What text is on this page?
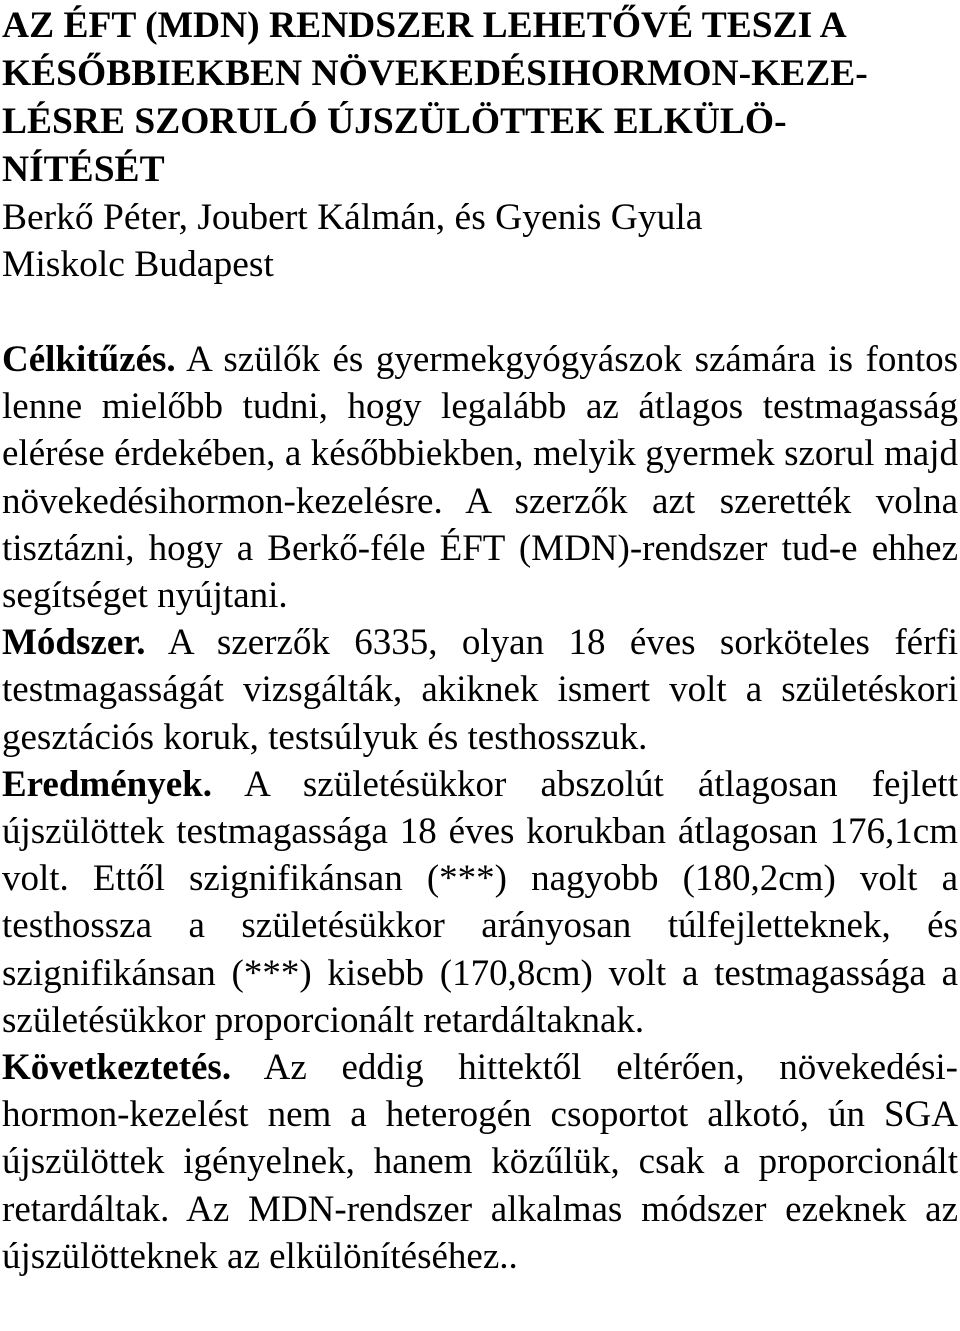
AZ ÉFT (MDN) RENDSZER LEHETŐVÉ TESZI A
KÉSŐBBIEKBEN NÖVEKEDÉSIHORMON-KEZE-
LÉSRE SZORULÓ ÚJSZÜLÖTTEK ELKÜLÖ-
NÍTÉSÉT
Berkő Péter, Joubert Kálmán, és Gyenis Gyula
Miskolc Budapest

Célkitűzés. A szülők és gyermekgyógyászok számára is fontos lenne mielőbb tudni, hogy legalább az átlagos testmagasság elérése érdekében, a későbbiekben, melyik gyermek szorul majd növekedésihormon-kezelésre. A szerzők azt szerették volna tisztázni, hogy a Berkő-féle ÉFT (MDN)-rendszer tud-e ehhez segítséget nyújtani.

Módszer. A szerzők 6335, olyan 18 éves sorköteles férfi testmagasságát vizsgálták, akiknek ismert volt a születéskori gesztációs koruk, testsúlyuk és testhosszuk.

Eredmények. A születésükkor abszolút átlagosan fejlett újszülöttek testmagassága 18 éves korukban átlagosan 176,1cm volt. Ettől szignifikánsan (***) nagyobb (180,2cm) volt a testhossza a születésükkor arányosan túlfejletteknek, és szignifikánsan (***) kisebb (170,8cm) volt a testmagassága a születésükkor proporcionált retardáltaknak.

Következtetés. Az eddig hittektől eltérően, növekedési-hormon-kezelést nem a heterogén csoportot alkotó, ún SGA újszülöttek igényelnek, hanem közűlük, csak a proporcionált retardáltak. Az MDN-rendszer alkalmas módszer ezeknek az újszülötteknek az elkülönítéséhez..
